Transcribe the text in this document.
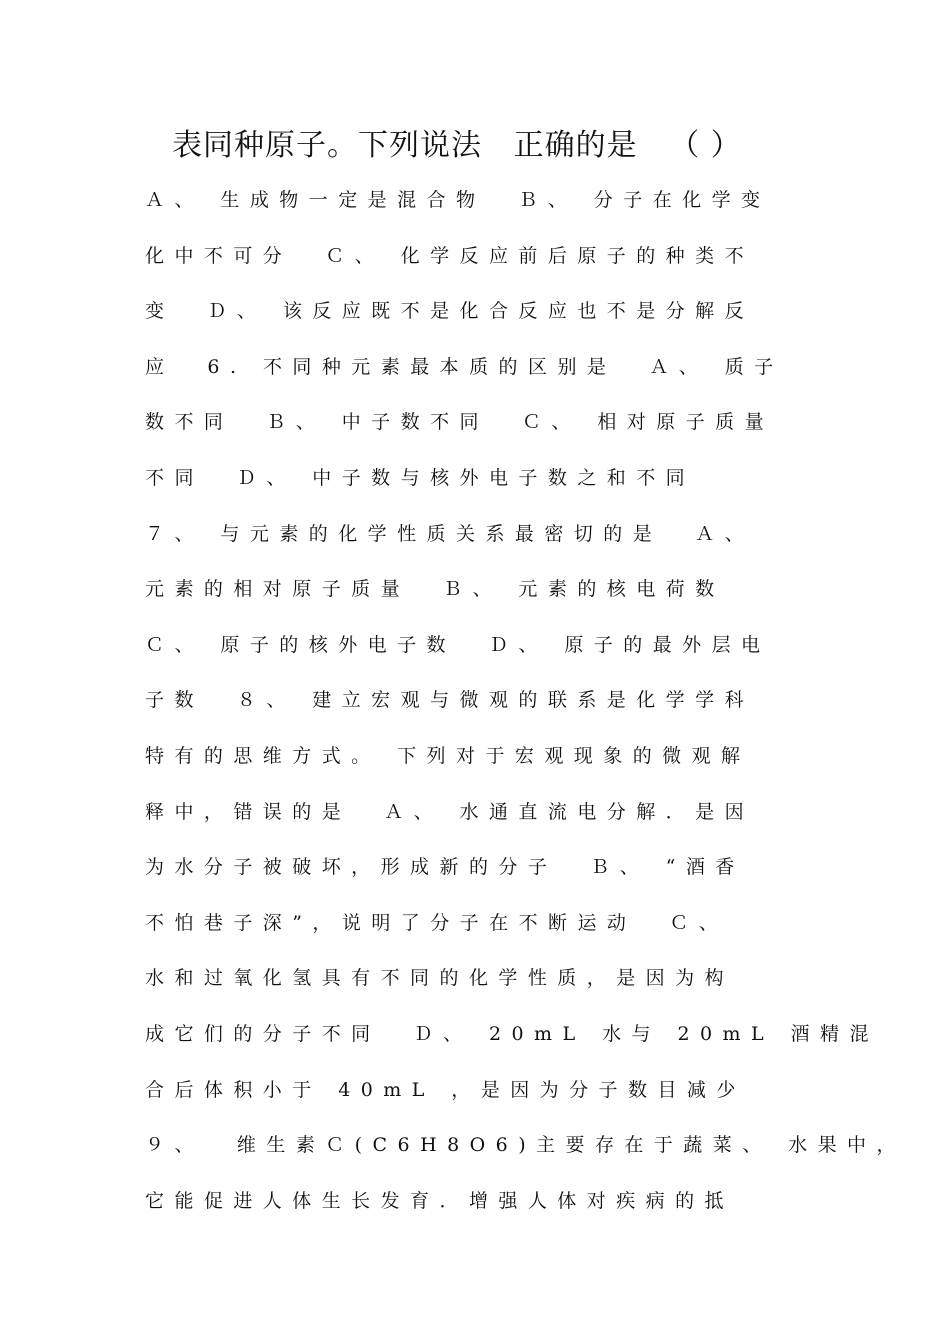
表同种原子。下列说法   正确的是   （ ）
Ａ、 生成物一定是混合物  Ｂ、 分子在化学变
化中不可分  Ｃ、 化学反应前后原子的种类不
变  Ｄ、 该反应既不是化合反应也不是分解反
应  6. 不同种元素最本质的区别是  Ａ、 质子
数不同  Ｂ、 中子数不同  Ｃ、 相对原子质量
不同  Ｄ、 中子数与核外电子数之和不同
７、 与元素的化学性质关系最密切的是  Ａ、
元素的相对原子质量  Ｂ、 元素的核电荷数
Ｃ、 原子的核外电子数  Ｄ、 原子的最外层电
子数  ８、 建立宏观与微观的联系是化学学科
特有的思维方式。 下列对于宏观现象的微观解
释中，错误的是  Ａ、 水通直流电分解．是因
为水分子被破坏，形成新的分子  Ｂ、 “酒香
不怕巷子深”，说明了分子在不断运动  Ｃ、
水和过氧化氢具有不同的化学性质，是因为构
成它们的分子不同  Ｄ、 20mL 水与 20mL 酒精混
合后体积小于 40mL ，是因为分子数目减少
９、  维生素Ｃ(C6H8O6)主要存在于蔬菜、 水果中，
它能促进人体生长发育．增强人体对疾病的抵
